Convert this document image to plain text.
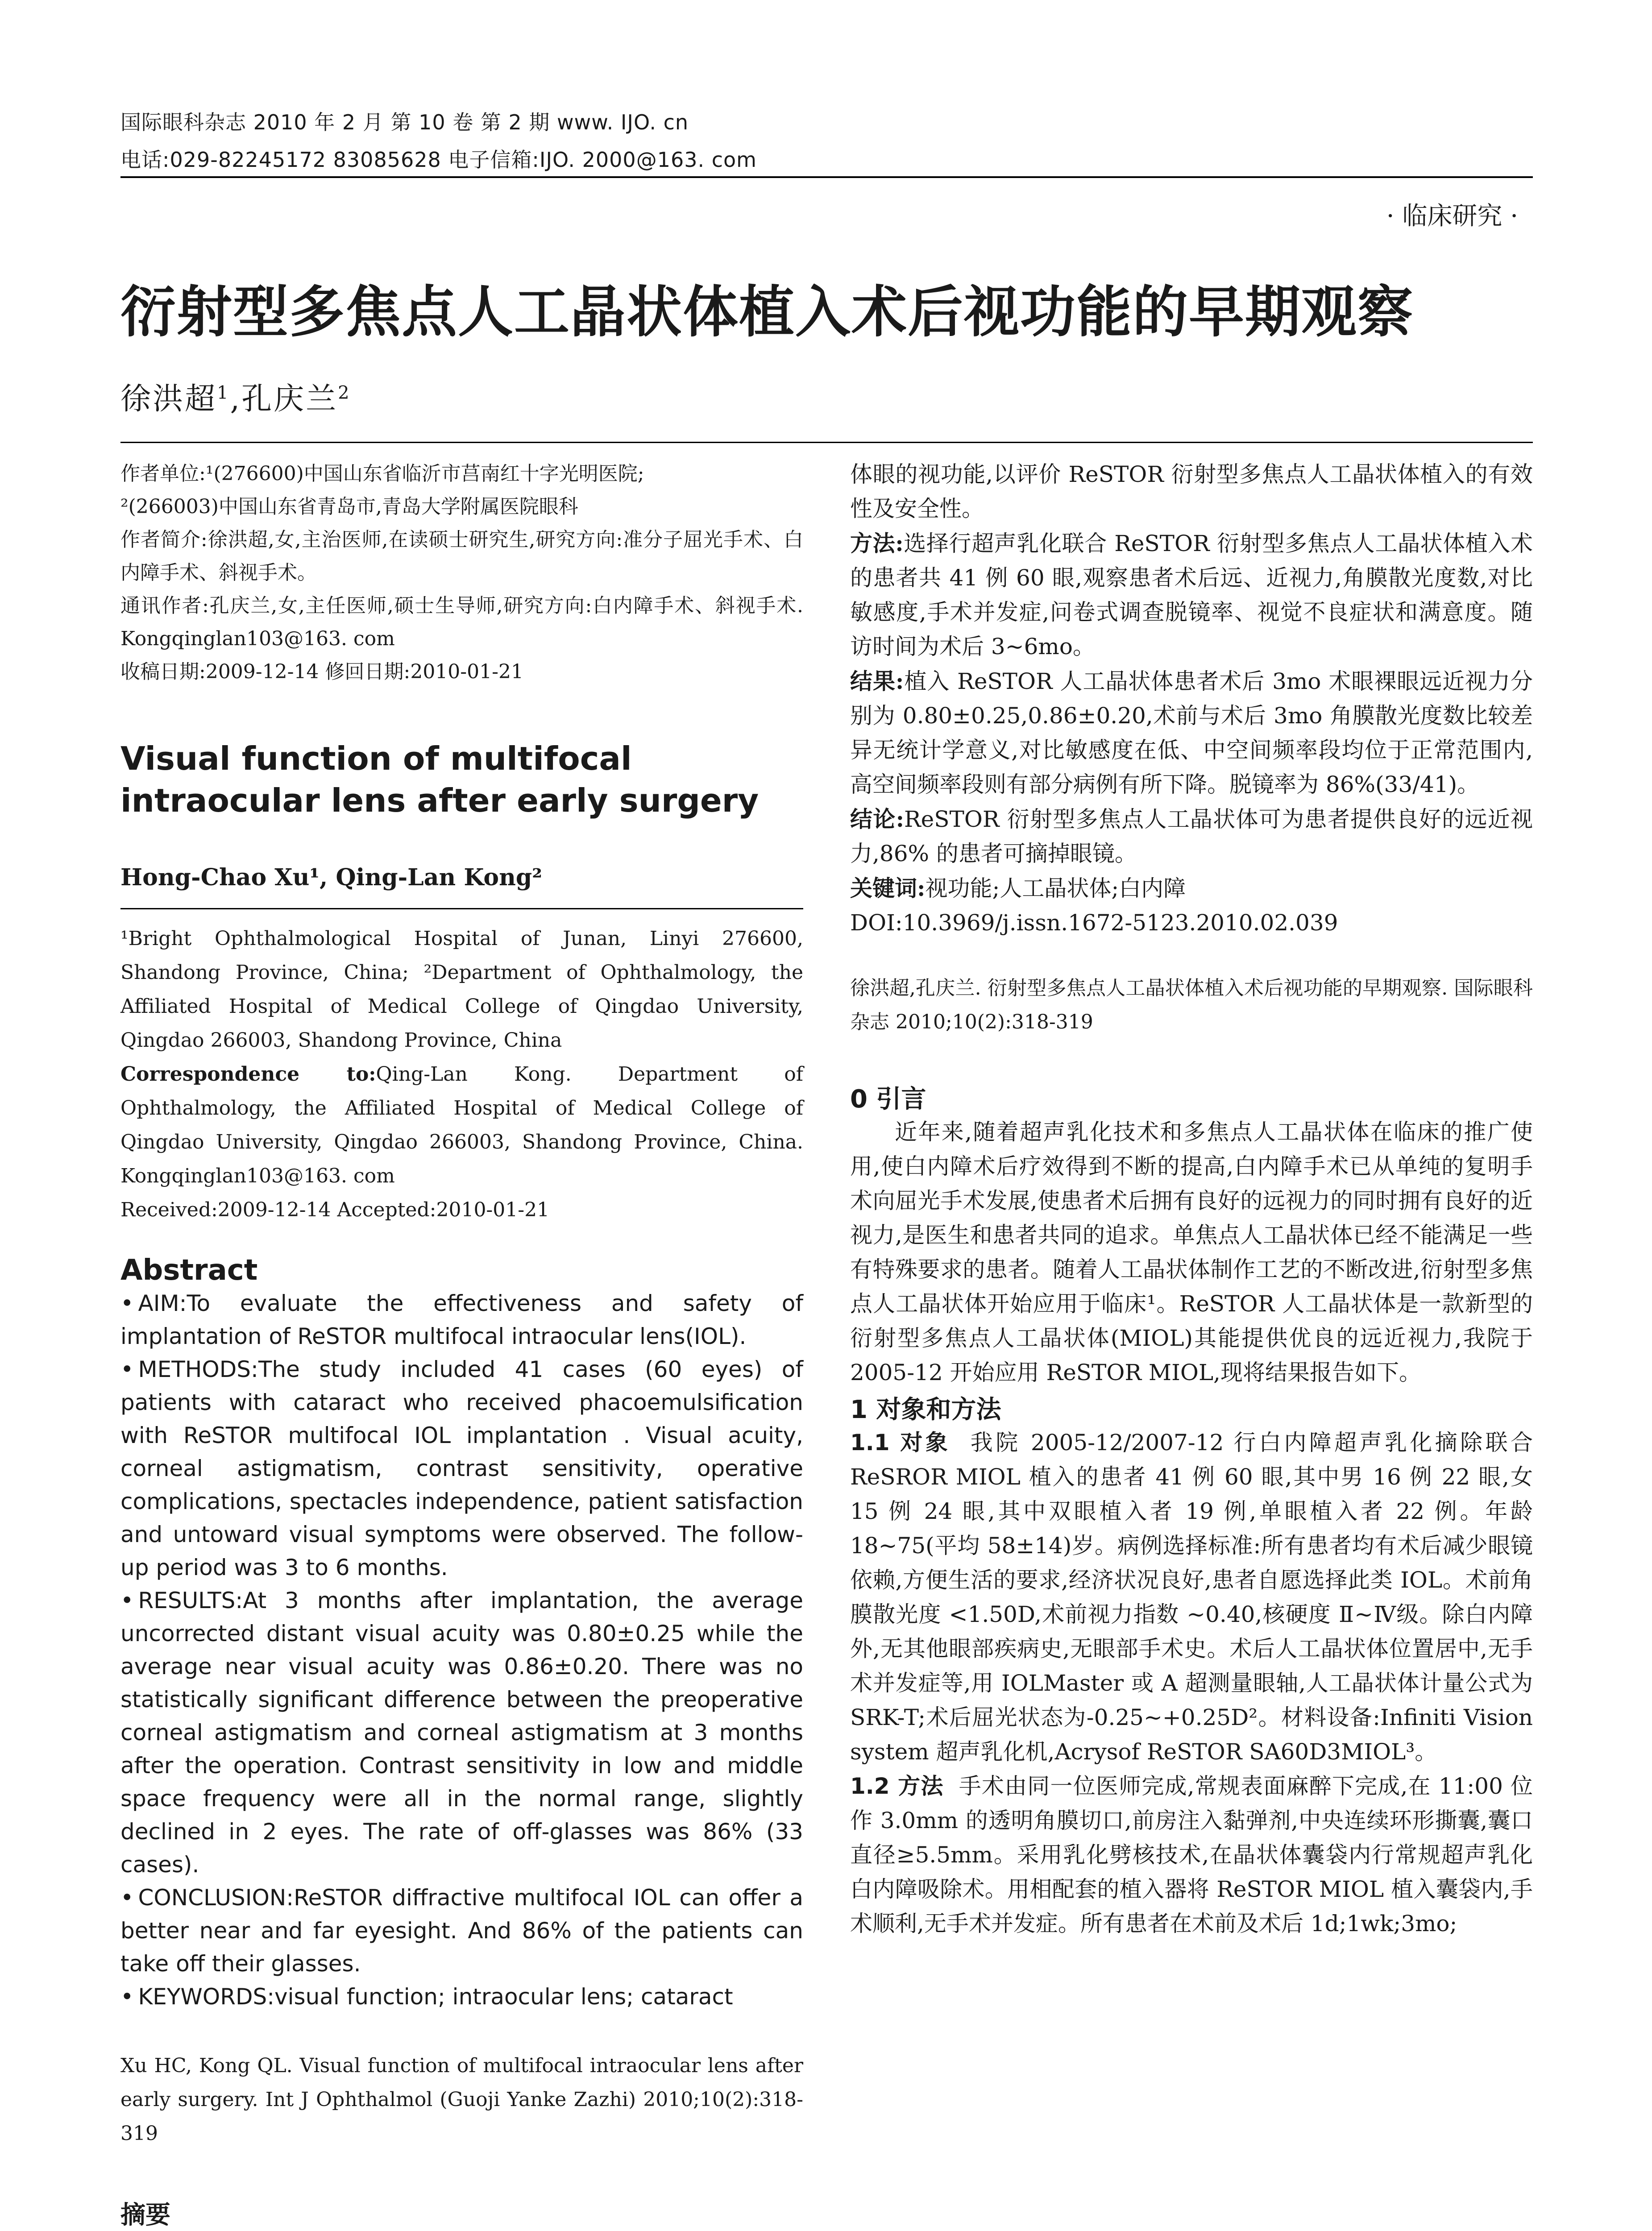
国际眼科杂志 2010 年 2 月 第 10 卷 第 2 期 www. IJO. cn
电话:029-82245172 83085628 电子信箱:IJO. 2000@163. com
· 临床研究 ·
衍射型多焦点人工晶状体植入术后视功能的早期观察
徐洪超$^1$,孔庆兰$^2$

作者单位:¹(276600)中国山东省临沂市莒南红十字光明医院;

²(266003)中国山东省青岛市,青岛大学附属医院眼科

作者简介:徐洪超,女,主治医师,在读硕士研究生,研究方向:准分子屈光手术、白内障手术、斜视手术。

通讯作者:孔庆兰,女,主任医师,硕士生导师,研究方向:白内障手术、斜视手术. Kongqinglan103@163. com

收稿日期:2009-12-14 修回日期:2010-01-21

Visual function of multifocal intraocular lens after early surgery

Hong-Chao Xu¹, Qing-Lan Kong²

¹Bright Ophthalmological Hospital of Junan, Linyi 276600, Shandong Province, China; ²Department of Ophthalmology, the Affiliated Hospital of Medical College of Qingdao University, Qingdao 266003, Shandong Province, China

Correspondence to:Qing-Lan Kong. Department of Ophthalmology, the Affiliated Hospital of Medical College of Qingdao University, Qingdao 266003, Shandong Province, China. Kongqinglan103@163. com

Received:2009-12-14 Accepted:2010-01-21

Abstract

• AIM:To evaluate the effectiveness and safety of implantation of ReSTOR multifocal intraocular lens(IOL).

• METHODS:The study included 41 cases (60 eyes) of patients with cataract who received phacoemulsification with ReSTOR multifocal IOL implantation . Visual acuity, corneal astigmatism, contrast sensitivity, operative complications, spectacles independence, patient satisfaction and untoward visual symptoms were observed. The follow-up period was 3 to 6 months.

• RESULTS:At 3 months after implantation, the average uncorrected distant visual acuity was 0.80±0.25 while the average near visual acuity was 0.86±0.20. There was no statistically significant difference between the preoperative corneal astigmatism and corneal astigmatism at 3 months after the operation. Contrast sensitivity in low and middle space frequency were all in the normal range, slightly declined in 2 eyes. The rate of off-glasses was 86% (33 cases).

• CONCLUSION:ReSTOR diffractive multifocal IOL can offer a better near and far eyesight. And 86% of the patients can take off their glasses.

• KEYWORDS:visual function; intraocular lens; cataract

Xu HC, Kong QL. Visual function of multifocal intraocular lens after early surgery. Int J Ophthalmol (Guoji Yanke Zazhi) 2010;10(2):318-319

摘要

体眼的视功能,以评价 ReSTOR 衍射型多焦点人工晶状体植入的有效性及安全性。

方法:选择行超声乳化联合 ReSTOR 衍射型多焦点人工晶状体植入术的患者共 41 例 60 眼,观察患者术后远、近视力,角膜散光度数,对比敏感度,手术并发症,问卷式调查脱镜率、视觉不良症状和满意度。随访时间为术后 3~6mo。

结果:植入 ReSTOR 人工晶状体患者术后 3mo 术眼裸眼远近视力分别为 0.80±0.25,0.86±0.20,术前与术后 3mo 角膜散光度数比较差异无统计学意义,对比敏感度在低、中空间频率段均位于正常范围内,高空间频率段则有部分病例有所下降。脱镜率为 86%(33/41)。

结论:ReSTOR 衍射型多焦点人工晶状体可为患者提供良好的远近视力,86% 的患者可摘掉眼镜。

关键词:视功能;人工晶状体;白内障

DOI:10.3969/j.issn.1672-5123.2010.02.039

徐洪超,孔庆兰. 衍射型多焦点人工晶状体植入术后视功能的早期观察. 国际眼科杂志 2010;10(2):318-319

0 引言

近年来,随着超声乳化技术和多焦点人工晶状体在临床的推广使用,使白内障术后疗效得到不断的提高,白内障手术已从单纯的复明手术向屈光手术发展,使患者术后拥有良好的远视力的同时拥有良好的近视力,是医生和患者共同的追求。单焦点人工晶状体已经不能满足一些有特殊要求的患者。随着人工晶状体制作工艺的不断改进,衍射型多焦点人工晶状体开始应用于临床¹。ReSTOR 人工晶状体是一款新型的衍射型多焦点人工晶状体(MIOL)其能提供优良的远近视力,我院于 2005-12 开始应用 ReSTOR MIOL,现将结果报告如下。

1 对象和方法

1.1 对象 我院 2005-12/2007-12 行白内障超声乳化摘除联合 ReSROR MIOL 植入的患者 41 例 60 眼,其中男 16 例 22 眼,女 15 例 24 眼,其中双眼植入者 19 例,单眼植入者 22 例。年龄 18~75(平均 58±14)岁。病例选择标准:所有患者均有术后减少眼镜依赖,方便生活的要求,经济状况良好,患者自愿选择此类 IOL。术前角膜散光度 <1.50D,术前视力指数 ~0.40,核硬度 Ⅱ~Ⅳ级。除白内障外,无其他眼部疾病史,无眼部手术史。术后人工晶状体位置居中,无手术并发症等,用 IOLMaster 或 A 超测量眼轴,人工晶状体计量公式为 SRK-T;术后屈光状态为-0.25~+0.25D²。材料设备:Infiniti Vision system 超声乳化机,Acrysof ReSTOR SA60D3MIOL³。

1.2 方法 手术由同一位医师完成,常规表面麻醉下完成,在 11:00 位作 3.0mm 的透明角膜切口,前房注入黏弹剂,中央连续环形撕囊,囊口直径≥5.5mm。采用乳化劈核技术,在晶状体囊袋内行常规超声乳化白内障吸除术。用相配套的植入器将 ReSTOR MIOL 植入囊袋内,手术顺利,无手术并发症。所有患者在术前及术后 1d;1wk;3mo;
